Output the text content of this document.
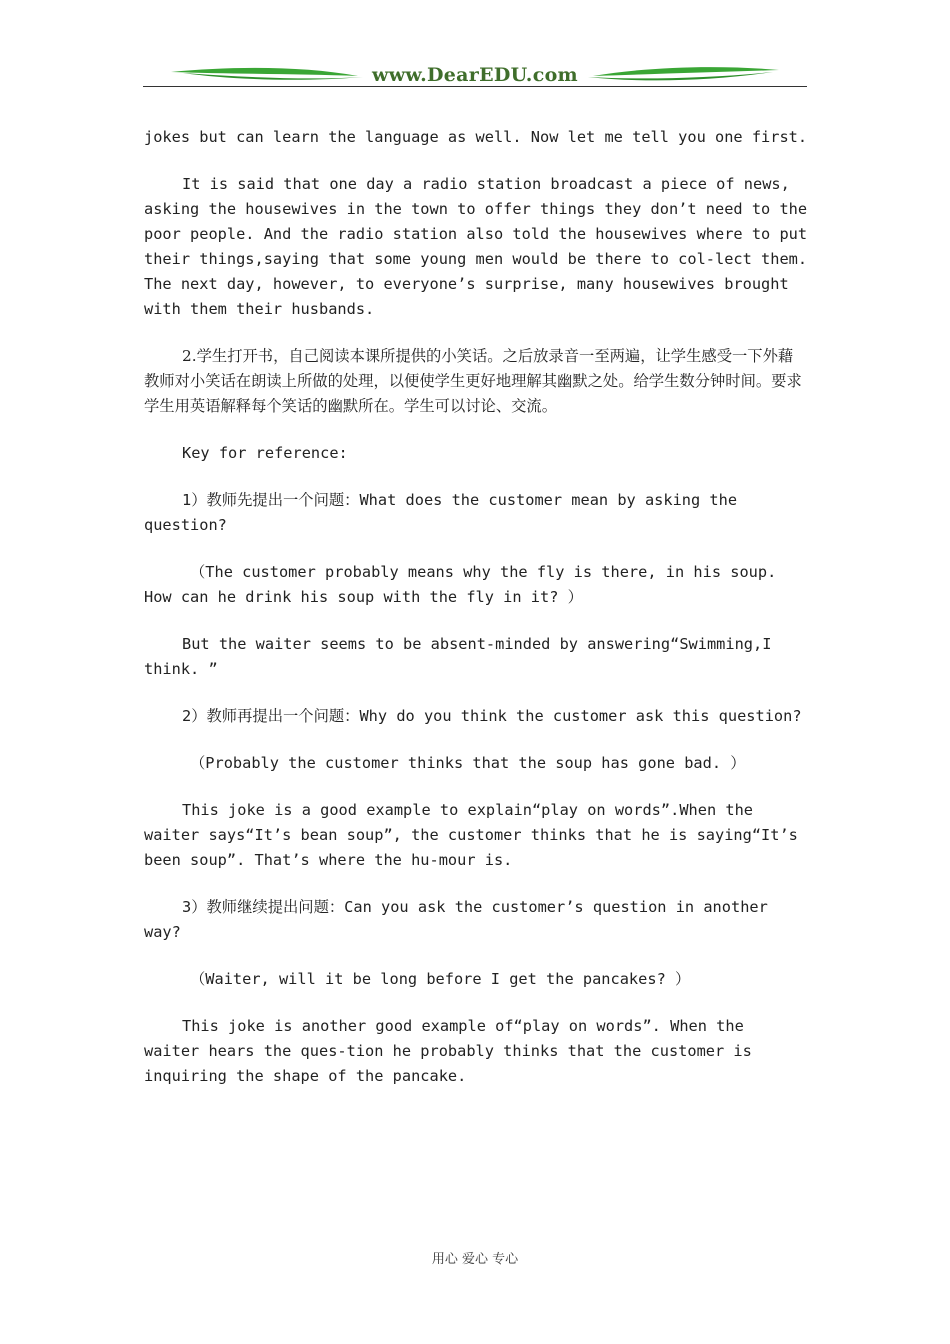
www.DearEDU.com

jokes but can learn the language as well. Now let me tell you one first.

It is said that one day a radio station broadcast a piece of news, asking the housewives in the town to offer things they don’t need to the poor people. And the radio station also told the housewives where to put their things,saying that some young men would be there to col-lect them. The next day, however, to everyone’s surprise, many housewives brought with them their husbands.

2.学生打开书，自己阅读本课所提供的小笑话。之后放录音一至两遍，让学生感受一下外藉教师对小笑话在朗读上所做的处理，以便使学生更好地理解其幽默之处。给学生数分钟时间。要求学生用英语解释每个笑话的幽默所在。学生可以讨论、交流。

Key for reference:

1）教师先提出一个问题：What does the customer mean by asking the question?

（The customer probably means why the fly is there, in his soup. How can he drink his soup with the fly in it? ）

But the waiter seems to be absent-minded by answering“Swimming,I think. ”

2）教师再提出一个问题：Why do you think the customer ask this question?

（Probably the customer thinks that the soup has gone bad. ）

This joke is a good example to explain“play on words”.When the waiter says“It’s bean soup”, the customer thinks that he is saying“It’s been soup”. That’s where the hu-mour is.

3）教师继续提出问题：Can you ask the customer’s question in another way?

（Waiter, will it be long before I get the pancakes? ）

This joke is another good example of“play on words”. When the waiter hears the ques-tion he probably thinks that the customer is inquiring the shape of the pancake.

用心 爱心 专心
